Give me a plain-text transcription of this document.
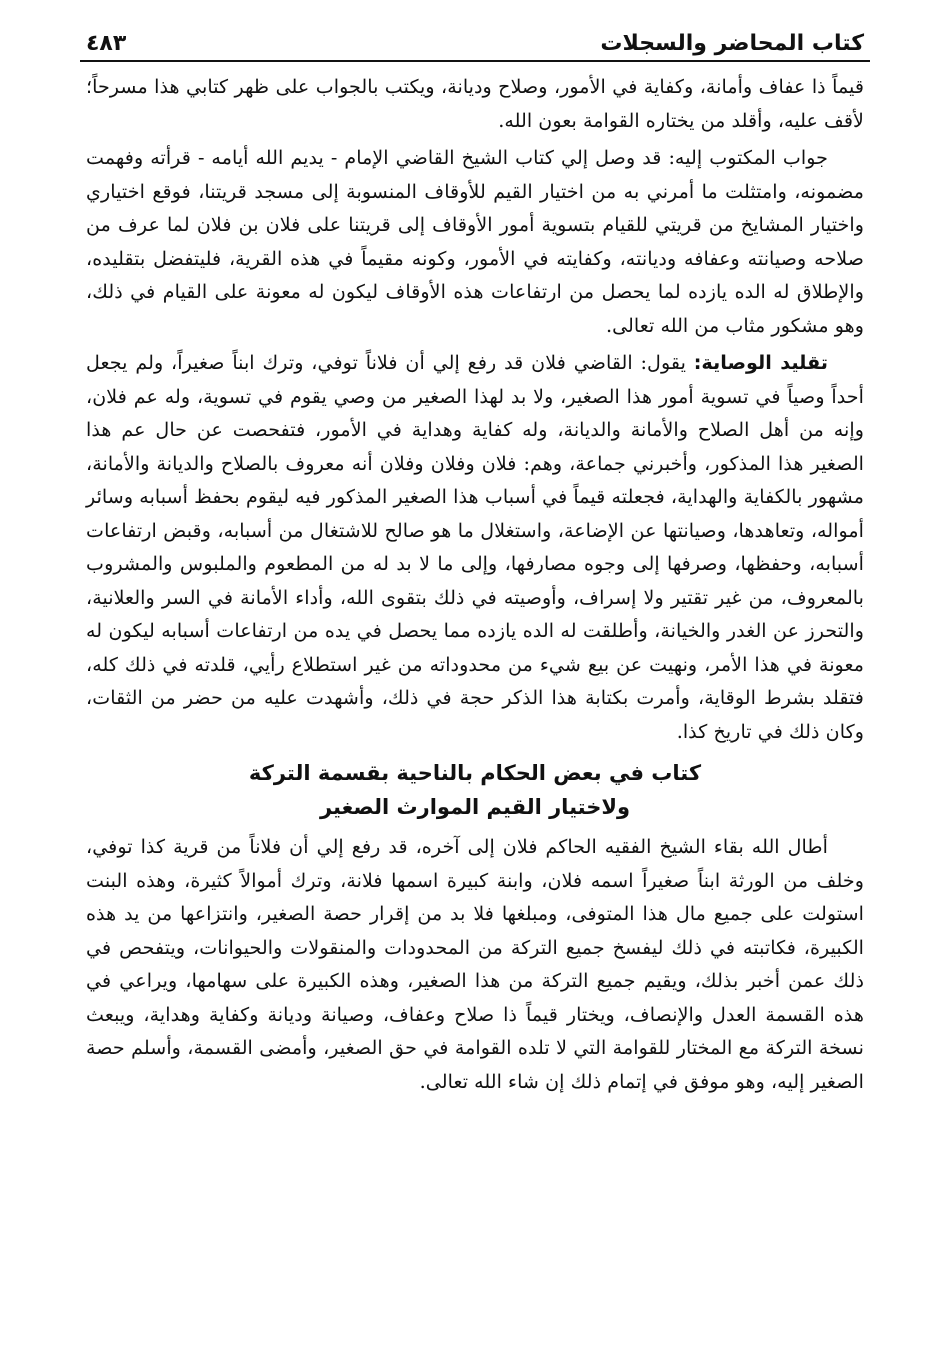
كتاب المحاضر والسجلات
٤٨٣

قيماً ذا عفاف وأمانة، وكفاية في الأمور، وصلاح وديانة، ويكتب بالجواب على ظهر كتابي هذا مسرحاً؛ لأقف عليه، وأقلد من يختاره القوامة بعون الله.

جواب المكتوب إليه: قد وصل إلي كتاب الشيخ القاضي الإمام - يديم الله أيامه - قرأته وفهمت مضمونه، وامتثلت ما أمرني به من اختيار القيم للأوقاف المنسوبة إلى مسجد قريتنا، فوقع اختياري واختيار المشايخ من قريتي للقيام بتسوية أمور الأوقاف إلى قريتنا على فلان بن فلان لما عرف من صلاحه وصيانته وعفافه وديانته، وكفايته في الأمور، وكونه مقيماً في هذه القرية، فليتفضل بتقليده، والإطلاق له الده يازده لما يحصل من ارتفاعات هذه الأوقاف ليكون له معونة على القيام في ذلك، وهو مشكور مثاب من الله تعالى.

تقليد الوصاية: يقول: القاضي فلان قد رفع إلي أن فلاناً توفي، وترك ابناً صغيراً، ولم يجعل أحداً وصياً في تسوية أمور هذا الصغير، ولا بد لهذا الصغير من وصي يقوم في تسوية، وله عم فلان، وإنه من أهل الصلاح والأمانة والديانة، وله كفاية وهداية في الأمور، فتفحصت عن حال عم هذا الصغير هذا المذكور، وأخبرني جماعة، وهم: فلان وفلان وفلان أنه معروف بالصلاح والديانة والأمانة، مشهور بالكفاية والهداية، فجعلته قيماً في أسباب هذا الصغير المذكور فيه ليقوم بحفظ أسبابه وسائر أمواله، وتعاهدها، وصيانتها عن الإضاعة، واستغلال ما هو صالح للاشتغال من أسبابه، وقبض ارتفاعات أسبابه، وحفظها، وصرفها إلى وجوه مصارفها، وإلى ما لا بد له من المطعوم والملبوس والمشروب بالمعروف، من غير تقتير ولا إسراف، وأوصيته في ذلك بتقوى الله، وأداء الأمانة في السر والعلانية، والتحرز عن الغدر والخيانة، وأطلقت له الده يازده مما يحصل في يده من ارتفاعات أسبابه ليكون له معونة في هذا الأمر، ونهيت عن بيع شيء من محدوداته من غير استطلاع رأيي، قلدته في ذلك كله، فتقلد بشرط الوقاية، وأمرت بكتابة هذا الذكر حجة في ذلك، وأشهدت عليه من حضر من الثقات، وكان ذلك في تاريخ كذا.

كتاب في بعض الحكام بالناحية بقسمة التركة
ولاختيار القيم الموارث الصغير

أطال الله بقاء الشيخ الفقيه الحاكم فلان إلى آخره، قد رفع إلي أن فلاناً من قرية كذا توفي، وخلف من الورثة ابناً صغيراً اسمه فلان، وابنة كبيرة اسمها فلانة، وترك أموالاً كثيرة، وهذه البنت استولت على جميع مال هذا المتوفى، ومبلغها فلا بد من إقرار حصة الصغير، وانتزاعها من يد هذه الكبيرة، فكاتبته في ذلك ليفسخ جميع التركة من المحدودات والمنقولات والحيوانات، ويتفحص في ذلك عمن أخبر بذلك، ويقيم جميع التركة من هذا الصغير، وهذه الكبيرة على سهامها، ويراعي في هذه القسمة العدل والإنصاف، ويختار قيماً ذا صلاح وعفاف، وصيانة وديانة وكفاية وهداية، ويبعث نسخة التركة مع المختار للقوامة التي لا تلده القوامة في حق الصغير، وأمضى القسمة، وأسلم حصة الصغير إليه، وهو موفق في إتمام ذلك إن شاء الله تعالى.
